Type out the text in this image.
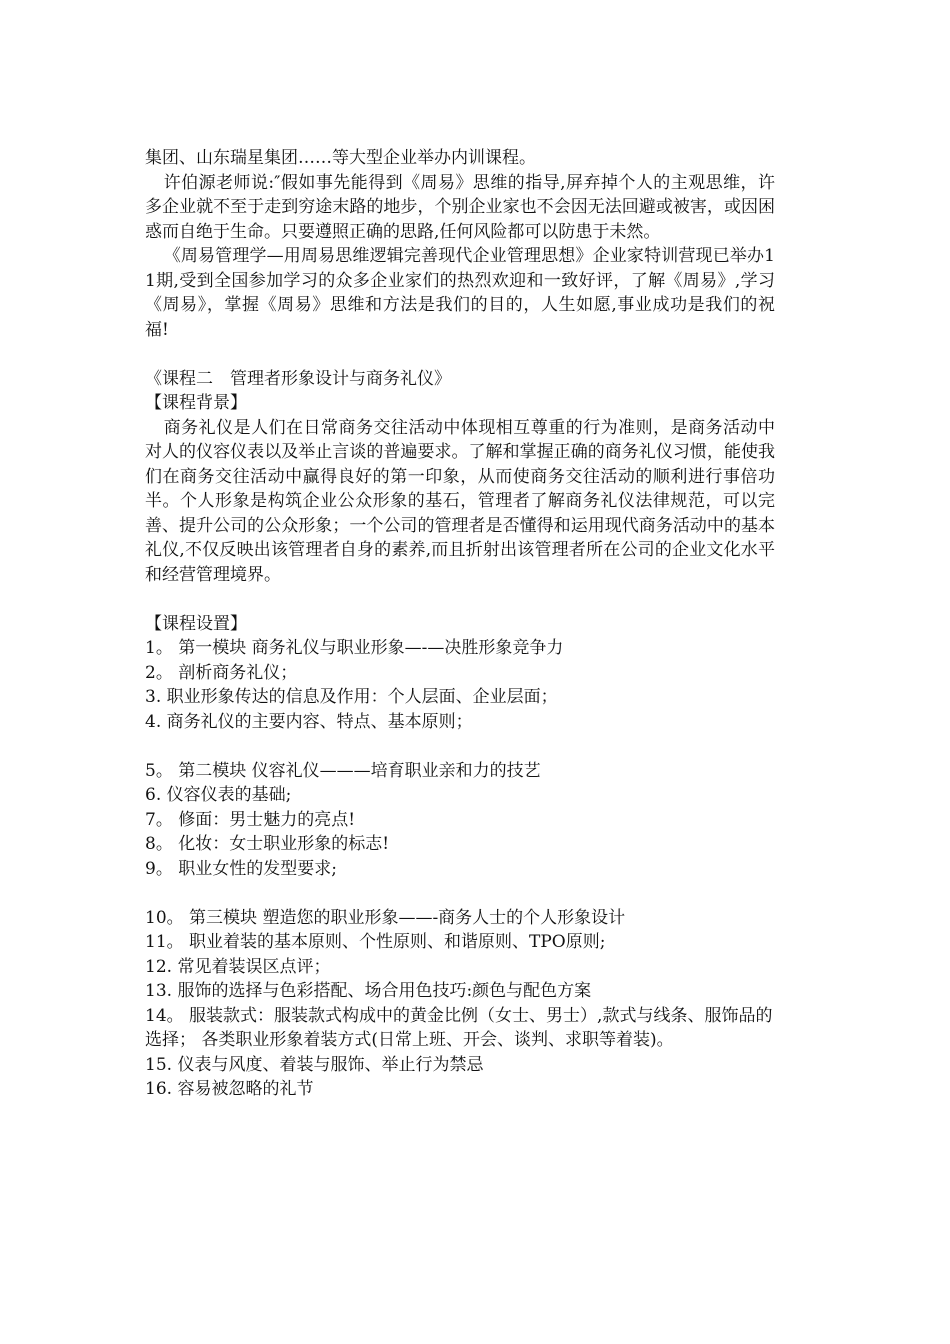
集团、山东瑞星集团……等大型企业举办内训课程。

许伯源老师说:″假如事先能得到《周易》思维的指导,屏弃掉个人的主观思维，许多企业就不至于走到穷途末路的地步，个别企业家也不会因无法回避或被害，或因困惑而自绝于生命。只要遵照正确的思路,任何风险都可以防患于未然。

《周易管理学—用周易思维逻辑完善现代企业管理思想》企业家特训营现已举办11期,受到全国参加学习的众多企业家们的热烈欢迎和一致好评，了解《周易》,学习《周易》，掌握《周易》思维和方法是我们的目的，人生如愿,事业成功是我们的祝福!

《课程二　管理者形象设计与商务礼仪》

【课程背景】

商务礼仪是人们在日常商务交往活动中体现相互尊重的行为准则，是商务活动中对人的仪容仪表以及举止言谈的普遍要求。了解和掌握正确的商务礼仪习惯，能使我们在商务交往活动中赢得良好的第一印象，从而使商务交往活动的顺利进行事倍功半。个人形象是构筑企业公众形象的基石，管理者了解商务礼仪法律规范，可以完善、提升公司的公众形象；一个公司的管理者是否懂得和运用现代商务活动中的基本礼仪,不仅反映出该管理者自身的素养,而且折射出该管理者所在公司的企业文化水平和经营管理境界。

【课程设置】

1。 第一模块 商务礼仪与职业形象—-—决胜形象竞争力

2。 剖析商务礼仪；

3. 职业形象传达的信息及作用：个人层面、企业层面；

4. 商务礼仪的主要内容、特点、基本原则；

5。 第二模块 仪容礼仪———培育职业亲和力的技艺

6. 仪容仪表的基础;

7。 修面：男士魅力的亮点!

8。 化妆：女士职业形象的标志!

9。 职业女性的发型要求;

10。 第三模块 塑造您的职业形象——-商务人士的个人形象设计

11。 职业着装的基本原则、个性原则、和谐原则、TPO原则;

12. 常见着装误区点评；

13. 服饰的选择与色彩搭配、场合用色技巧:颜色与配色方案

14。 服装款式：服装款式构成中的黄金比例（女士、男士）,款式与线条、服饰品的选择； 各类职业形象着装方式(日常上班、开会、谈判、求职等着装)。

15. 仪表与风度、着装与服饰、举止行为禁忌

16. 容易被忽略的礼节
